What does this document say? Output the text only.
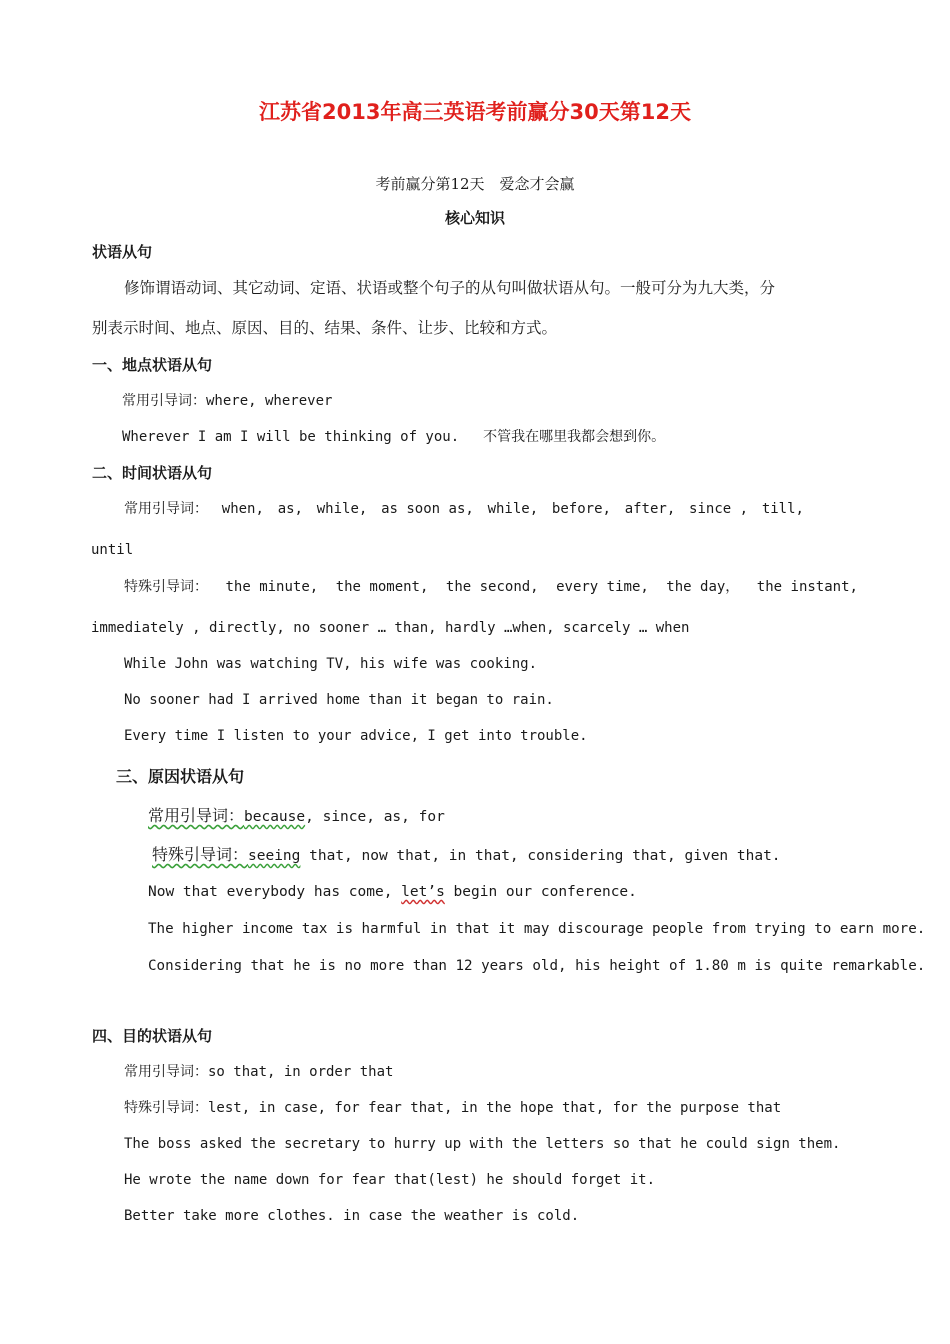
江苏省2013年高三英语考前赢分30天第12天
考前赢分第12天　爱念才会赢
核心知识
状语从句
修饰谓语动词、其它动词、定语、状语或整个句子的从句叫做状语从句。一般可分为九大类，分
别表示时间、地点、原因、目的、结果、条件、让步、比较和方式。
一、地点状语从句
常用引导词：where, wherever
Wherever I am I will be thinking of you. 不管我在哪里我都会想到你。
二、时间状语从句
常用引导词： when, as, while, as soon as, while, before, after, since , till,
until
特殊引导词： the minute, the moment, the second, every time, the day， the instant,
immediately , directly, no sooner … than, hardly …when, scarcely … when
While John was watching TV, his wife was cooking.
No sooner had I arrived home than it began to rain.
Every time I listen to your advice, I get into trouble.
三、原因状语从句
常用引导词：because, since, as, for
特殊引导词：seeing that, now that, in that, considering that, given that.
Now that everybody has come, let’s begin our conference.
The higher income tax is harmful in that it may discourage people from trying to earn more.
Considering that he is no more than 12 years old, his height of 1.80 m is quite remarkable.
四、目的状语从句
常用引导词：so that, in order that
特殊引导词：lest, in case, for fear that, in the hope that, for the purpose that
The boss asked the secretary to hurry up with the letters so that he could sign them.
He wrote the name down for fear that(lest) he should forget it.
Better take more clothes. in case the weather is cold.
